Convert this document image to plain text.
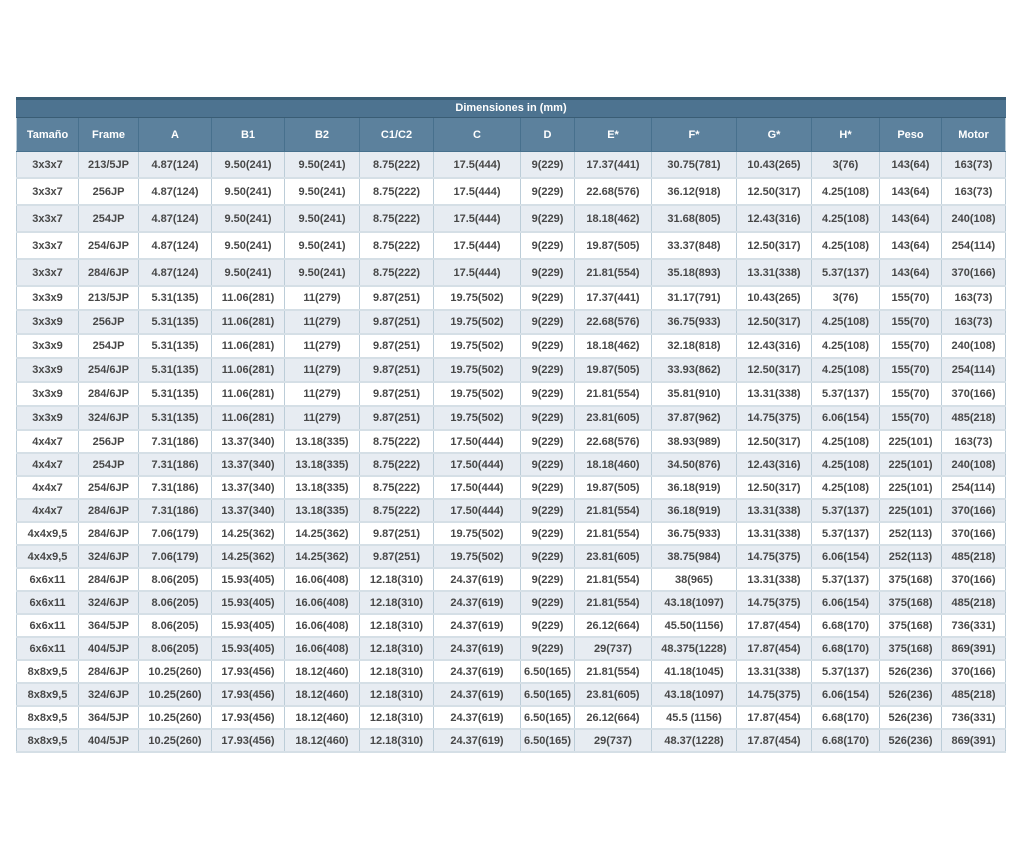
Dimensiones in (mm)
Tamaño	Frame	A	B1	B2	C1/C2	C	D	E*	F*	G*	H*	Peso	Motor
3x3x7	213/5JP	4.87(124)	9.50(241)	9.50(241)	8.75(222)	17.5(444)	9(229)	17.37(441)	30.75(781)	10.43(265)	3(76)	143(64)	163(73)
3x3x7	256JP	4.87(124)	9.50(241)	9.50(241)	8.75(222)	17.5(444)	9(229)	22.68(576)	36.12(918)	12.50(317)	4.25(108)	143(64)	163(73)
3x3x7	254JP	4.87(124)	9.50(241)	9.50(241)	8.75(222)	17.5(444)	9(229)	18.18(462)	31.68(805)	12.43(316)	4.25(108)	143(64)	240(108)
3x3x7	254/6JP	4.87(124)	9.50(241)	9.50(241)	8.75(222)	17.5(444)	9(229)	19.87(505)	33.37(848)	12.50(317)	4.25(108)	143(64)	254(114)
3x3x7	284/6JP	4.87(124)	9.50(241)	9.50(241)	8.75(222)	17.5(444)	9(229)	21.81(554)	35.18(893)	13.31(338)	5.37(137)	143(64)	370(166)
3x3x9	213/5JP	5.31(135)	11.06(281)	11(279)	9.87(251)	19.75(502)	9(229)	17.37(441)	31.17(791)	10.43(265)	3(76)	155(70)	163(73)
3x3x9	256JP	5.31(135)	11.06(281)	11(279)	9.87(251)	19.75(502)	9(229)	22.68(576)	36.75(933)	12.50(317)	4.25(108)	155(70)	163(73)
3x3x9	254JP	5.31(135)	11.06(281)	11(279)	9.87(251)	19.75(502)	9(229)	18.18(462)	32.18(818)	12.43(316)	4.25(108)	155(70)	240(108)
3x3x9	254/6JP	5.31(135)	11.06(281)	11(279)	9.87(251)	19.75(502)	9(229)	19.87(505)	33.93(862)	12.50(317)	4.25(108)	155(70)	254(114)
3x3x9	284/6JP	5.31(135)	11.06(281)	11(279)	9.87(251)	19.75(502)	9(229)	21.81(554)	35.81(910)	13.31(338)	5.37(137)	155(70)	370(166)
3x3x9	324/6JP	5.31(135)	11.06(281)	11(279)	9.87(251)	19.75(502)	9(229)	23.81(605)	37.87(962)	14.75(375)	6.06(154)	155(70)	485(218)
4x4x7	256JP	7.31(186)	13.37(340)	13.18(335)	8.75(222)	17.50(444)	9(229)	22.68(576)	38.93(989)	12.50(317)	4.25(108)	225(101)	163(73)
4x4x7	254JP	7.31(186)	13.37(340)	13.18(335)	8.75(222)	17.50(444)	9(229)	18.18(460)	34.50(876)	12.43(316)	4.25(108)	225(101)	240(108)
4x4x7	254/6JP	7.31(186)	13.37(340)	13.18(335)	8.75(222)	17.50(444)	9(229)	19.87(505)	36.18(919)	12.50(317)	4.25(108)	225(101)	254(114)
4x4x7	284/6JP	7.31(186)	13.37(340)	13.18(335)	8.75(222)	17.50(444)	9(229)	21.81(554)	36.18(919)	13.31(338)	5.37(137)	225(101)	370(166)
4x4x9,5	284/6JP	7.06(179)	14.25(362)	14.25(362)	9.87(251)	19.75(502)	9(229)	21.81(554)	36.75(933)	13.31(338)	5.37(137)	252(113)	370(166)
4x4x9,5	324/6JP	7.06(179)	14.25(362)	14.25(362)	9.87(251)	19.75(502)	9(229)	23.81(605)	38.75(984)	14.75(375)	6.06(154)	252(113)	485(218)
6x6x11	284/6JP	8.06(205)	15.93(405)	16.06(408)	12.18(310)	24.37(619)	9(229)	21.81(554)	38(965)	13.31(338)	5.37(137)	375(168)	370(166)
6x6x11	324/6JP	8.06(205)	15.93(405)	16.06(408)	12.18(310)	24.37(619)	9(229)	21.81(554)	43.18(1097)	14.75(375)	6.06(154)	375(168)	485(218)
6x6x11	364/5JP	8.06(205)	15.93(405)	16.06(408)	12.18(310)	24.37(619)	9(229)	26.12(664)	45.50(1156)	17.87(454)	6.68(170)	375(168)	736(331)
6x6x11	404/5JP	8.06(205)	15.93(405)	16.06(408)	12.18(310)	24.37(619)	9(229)	29(737)	48.375(1228)	17.87(454)	6.68(170)	375(168)	869(391)
8x8x9,5	284/6JP	10.25(260)	17.93(456)	18.12(460)	12.18(310)	24.37(619)	6.50(165)	21.81(554)	41.18(1045)	13.31(338)	5.37(137)	526(236)	370(166)
8x8x9,5	324/6JP	10.25(260)	17.93(456)	18.12(460)	12.18(310)	24.37(619)	6.50(165)	23.81(605)	43.18(1097)	14.75(375)	6.06(154)	526(236)	485(218)
8x8x9,5	364/5JP	10.25(260)	17.93(456)	18.12(460)	12.18(310)	24.37(619)	6.50(165)	26.12(664)	45.5 (1156)	17.87(454)	6.68(170)	526(236)	736(331)
8x8x9,5	404/5JP	10.25(260)	17.93(456)	18.12(460)	12.18(310)	24.37(619)	6.50(165)	29(737)	48.37(1228)	17.87(454)	6.68(170)	526(236)	869(391)
